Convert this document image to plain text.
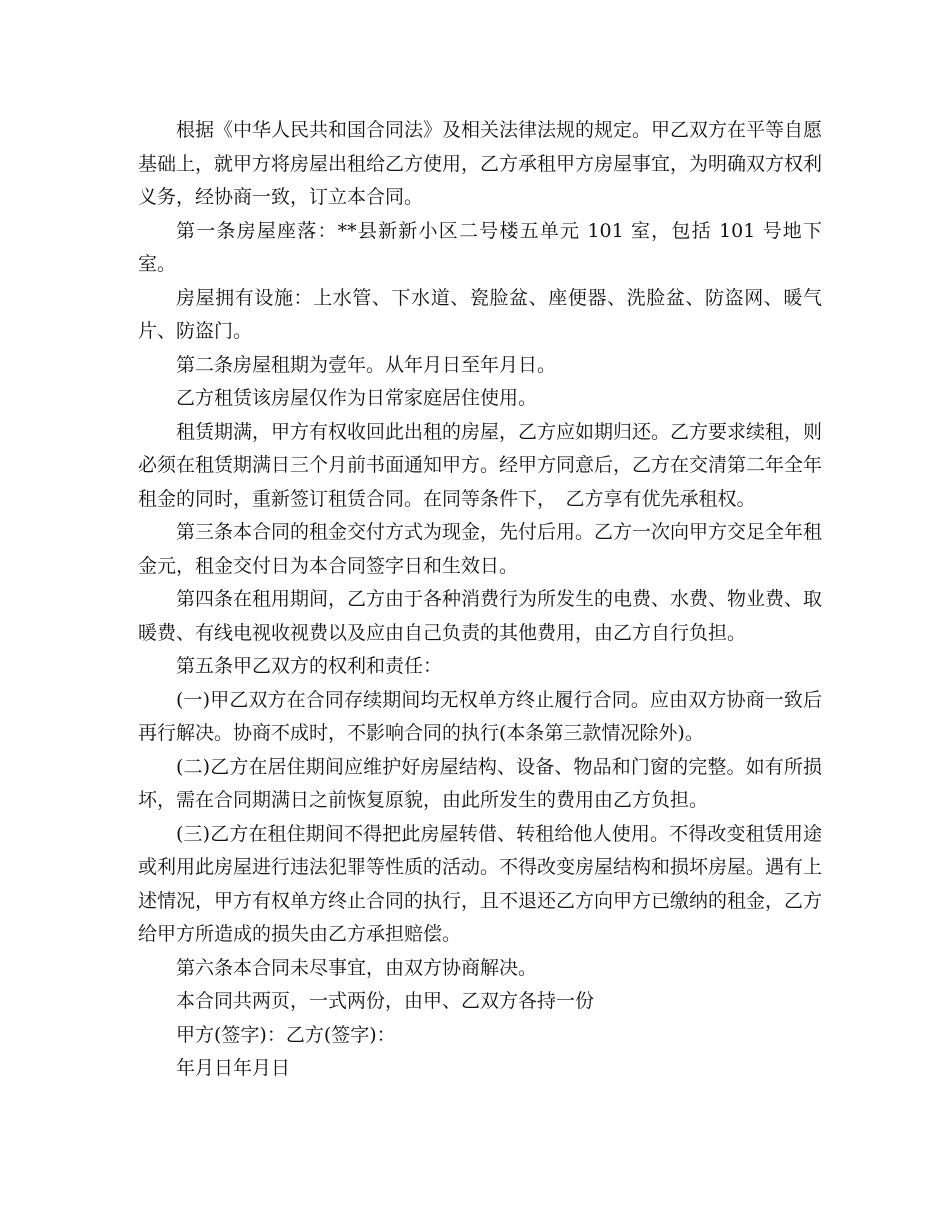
根据《中华人民共和国合同法》及相关法律法规的规定。甲乙双方在平等自愿基础上，就甲方将房屋出租给乙方使用，乙方承租甲方房屋事宜，为明确双方权利义务，经协商一致，订立本合同。

第一条房屋座落：**县新新小区二号楼五单元 101 室，包括 101 号地下室。

房屋拥有设施：上水管、下水道、瓷脸盆、座便器、洗脸盆、防盗网、暖气片、防盗门。

第二条房屋租期为壹年。从年月日至年月日。

乙方租赁该房屋仅作为日常家庭居住使用。

租赁期满，甲方有权收回此出租的房屋，乙方应如期归还。乙方要求续租，则必须在租赁期满日三个月前书面通知甲方。经甲方同意后，乙方在交清第二年全年租金的同时，重新签订租赁合同。在同等条件下，　乙方享有优先承租权。

第三条本合同的租金交付方式为现金，先付后用。乙方一次向甲方交足全年租金元，租金交付日为本合同签字日和生效日。

第四条在租用期间，乙方由于各种消费行为所发生的电费、水费、物业费、取暖费、有线电视收视费以及应由自己负责的其他费用，由乙方自行负担。

第五条甲乙双方的权利和责任：

(一)甲乙双方在合同存续期间均无权单方终止履行合同。应由双方协商一致后再行解决。协商不成时，不影响合同的执行(本条第三款情况除外)。

(二)乙方在居住期间应维护好房屋结构、设备、物品和门窗的完整。如有所损坏，需在合同期满日之前恢复原貌，由此所发生的费用由乙方负担。

(三)乙方在租住期间不得把此房屋转借、转租给他人使用。不得改变租赁用途或利用此房屋进行违法犯罪等性质的活动。不得改变房屋结构和损坏房屋。遇有上述情况，甲方有权单方终止合同的执行，且不退还乙方向甲方已缴纳的租金，乙方给甲方所造成的损失由乙方承担赔偿。

第六条本合同未尽事宜，由双方协商解决。

本合同共两页，一式两份，由甲、乙双方各持一份

甲方(签字)：乙方(签字)：

年月日年月日
